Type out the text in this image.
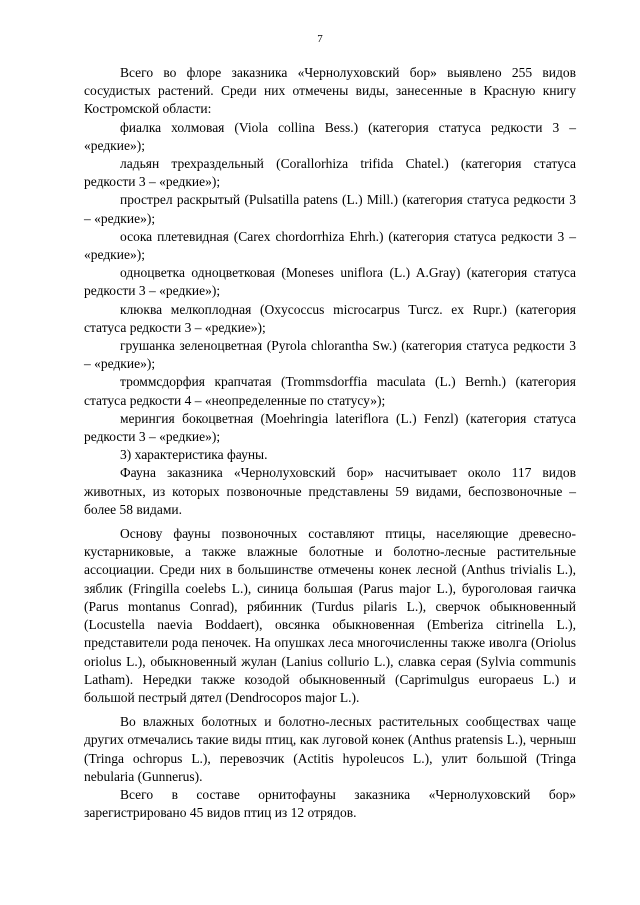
7

Всего во флоре заказника «Чернолуховский бор» выявлено 255 видов сосудистых растений. Среди них отмечены виды, занесенные в Красную книгу Костромской области:

фиалка холмовая (Viola collina Bess.) (категория статуса редкости 3 – «редкие»);

ладьян трехраздельный (Corallorhiza trifida Chatel.) (категория статуса редкости 3 – «редкие»);

прострел раскрытый (Pulsatilla patens (L.) Mill.) (категория статуса редкости 3 – «редкие»);

осока плетевидная (Carex chordorrhiza Ehrh.) (категория статуса редкости 3 – «редкие»);

одноцветка одноцветковая (Moneses uniflora (L.) A.Gray) (категория статуса редкости 3 – «редкие»);

клюква мелкоплодная (Oxycoccus microcarpus Turcz. ex Rupr.) (категория статуса редкости 3 – «редкие»);

грушанка зеленоцветная (Pyrola chlorantha Sw.) (категория статуса редкости 3 – «редкие»);

троммсдорфия крапчатая (Trommsdorffia maculata (L.) Bernh.) (категория статуса редкости 4 – «неопределенные по статусу»);

мерингия бокоцветная (Moehringia lateriflora (L.) Fenzl) (категория статуса редкости 3 – «редкие»);

3) характеристика фауны.

Фауна заказника «Чернолуховский бор» насчитывает около 117 видов животных, из которых позвоночные представлены 59 видами, беспозвоночные – более 58 видами.

Основу фауны позвоночных составляют птицы, населяющие древесно-кустарниковые, а также влажные болотные и болотно-лесные растительные ассоциации. Среди них в большинстве отмечены конек лесной (Anthus trivialis L.), зяблик (Fringilla coelebs L.), синица большая (Parus major L.), буроголовая гаичка (Parus montanus Conrad), рябинник (Turdus pilaris L.), сверчок обыкновенный (Locustella naevia Boddaert), овсянка обыкновенная (Emberiza citrinella L.), представители рода пеночек. На опушках леса многочисленны также иволга (Oriolus oriolus L.), обыкновенный жулан (Lanius collurio L.), славка серая (Sylvia communis Latham). Нередки также козодой обыкновенный (Caprimulgus europaeus L.) и большой пестрый дятел (Dendrocopos major L.).

Во влажных болотных и болотно-лесных растительных сообществах чаще других отмечались такие виды птиц, как луговой конек (Anthus pratensis L.), черныш (Tringa ochropus L.), перевозчик (Actitis hypoleucos L.), улит большой (Tringa nebularia (Gunnerus).

Всего в составе орнитофауны заказника «Чернолуховский бор» зарегистрировано 45 видов птиц из 12 отрядов.
